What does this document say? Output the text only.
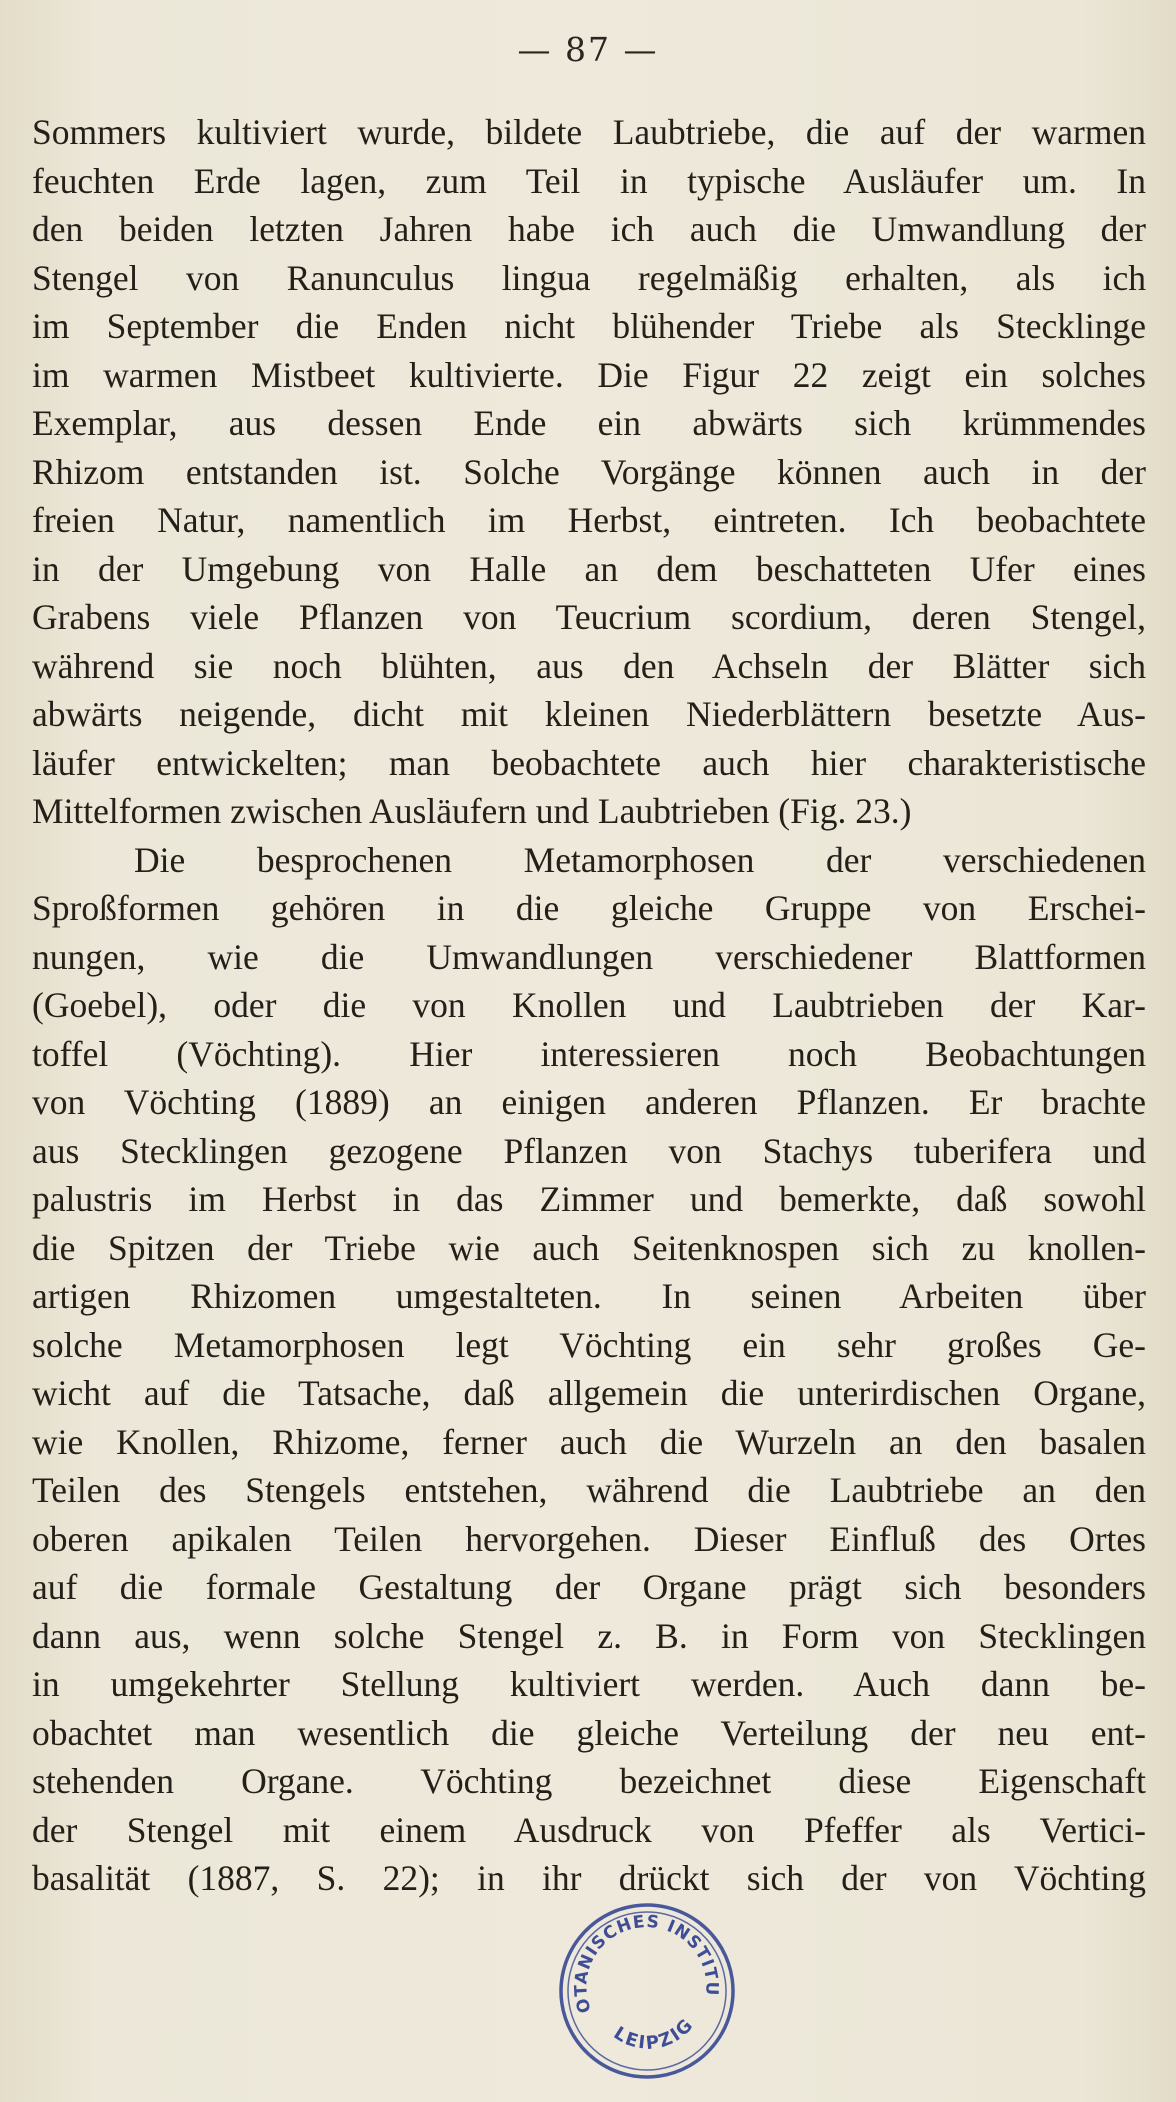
— 87 —
Sommers kultiviert wurde, bildete Laubtriebe, die auf der warmen
feuchten Erde lagen, zum Teil in typische Ausläufer um. In
den beiden letzten Jahren habe ich auch die Umwandlung der
Stengel von Ranunculus lingua regelmäßig erhalten, als ich
im September die Enden nicht blühender Triebe als Stecklinge
im warmen Mistbeet kultivierte. Die Figur 22 zeigt ein solches
Exemplar, aus dessen Ende ein abwärts sich krümmendes
Rhizom entstanden ist. Solche Vorgänge können auch in der
freien Natur, namentlich im Herbst, eintreten. Ich beobachtete
in der Umgebung von Halle an dem beschatteten Ufer eines
Grabens viele Pflanzen von Teucrium scordium, deren Stengel,
während sie noch blühten, aus den Achseln der Blätter sich
abwärts neigende, dicht mit kleinen Niederblättern besetzte Aus-
läufer entwickelten; man beobachtete auch hier charakteristische
Mittelformen zwischen Ausläufern und Laubtrieben (Fig. 23.)
Die besprochenen Metamorphosen der verschiedenen
Sproßformen gehören in die gleiche Gruppe von Erschei-
nungen, wie die Umwandlungen verschiedener Blattformen
(Goebel), oder die von Knollen und Laubtrieben der Kar-
toffel (Vöchting). Hier interessieren noch Beobachtungen
von Vöchting (1889) an einigen anderen Pflanzen. Er brachte
aus Stecklingen gezogene Pflanzen von Stachys tuberifera und
palustris im Herbst in das Zimmer und bemerkte, daß sowohl
die Spitzen der Triebe wie auch Seitenknospen sich zu knollen-
artigen Rhizomen umgestalteten. In seinen Arbeiten über
solche Metamorphosen legt Vöchting ein sehr großes Ge-
wicht auf die Tatsache, daß allgemein die unterirdischen Organe,
wie Knollen, Rhizome, ferner auch die Wurzeln an den basalen
Teilen des Stengels entstehen, während die Laubtriebe an den
oberen apikalen Teilen hervorgehen. Dieser Einfluß des Ortes
auf die formale Gestaltung der Organe prägt sich besonders
dann aus, wenn solche Stengel z. B. in Form von Stecklingen
in umgekehrter Stellung kultiviert werden. Auch dann be-
obachtet man wesentlich die gleiche Verteilung der neu ent-
stehenden Organe. Vöchting bezeichnet diese Eigenschaft
der Stengel mit einem Ausdruck von Pfeffer als Vertici-
basalität (1887, S. 22); in ihr drückt sich der von Vöchting
BOTANISCHES INSTITUT
LEIPZIG
